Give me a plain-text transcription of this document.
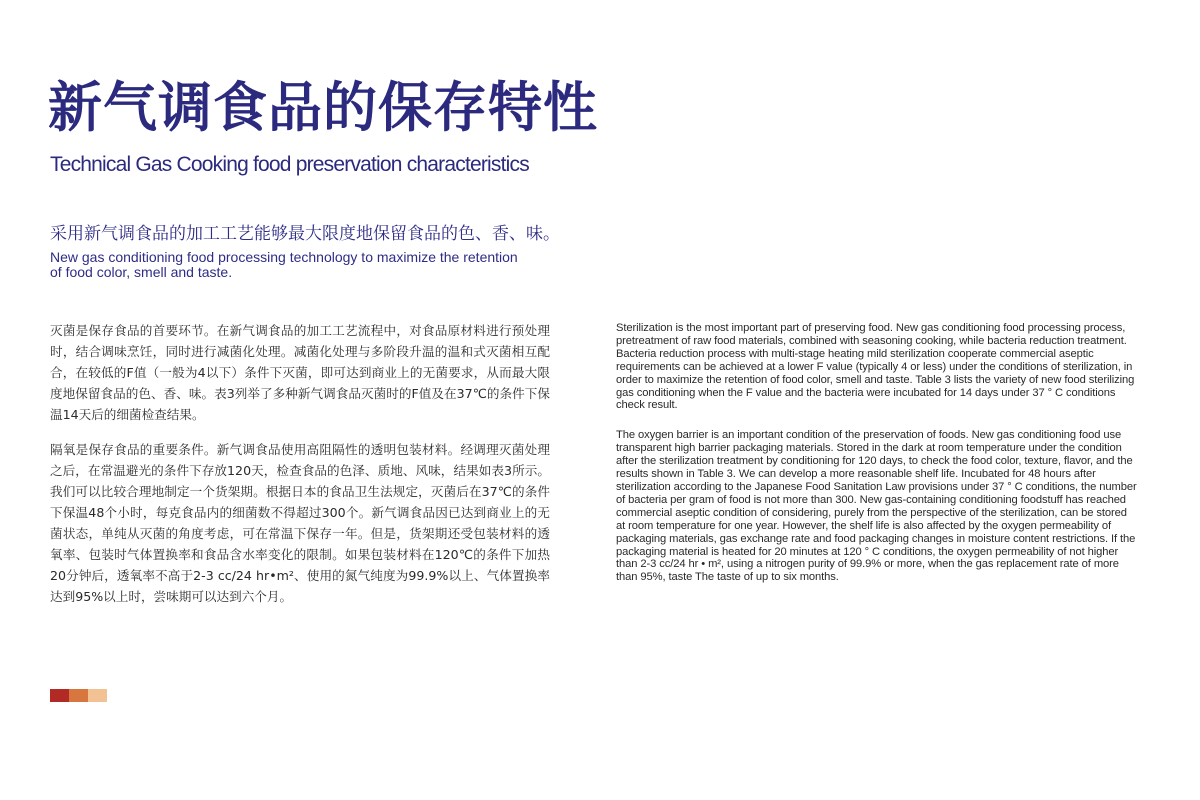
新气调食品的保存特性
Technical Gas Cooking food preservation characteristics
采用新气调食品的加工工艺能够最大限度地保留食品的色、香、味。
New gas conditioning food processing technology to maximize the retention of food color, smell and taste.

灭菌是保存食品的首要环节。在新气调食品的加工工艺流程中，对食品原材料进行预处理时，结合调味烹饪，同时进行减菌化处理。减菌化处理与多阶段升温的温和式灭菌相互配合，在较低的F值（一般为4以下）条件下灭菌，即可达到商业上的无菌要求，从而最大限度地保留食品的色、香、味。表3列举了多种新气调食品灭菌时的F值及在37℃的条件下保温14天后的细菌检查结果。

隔氧是保存食品的重要条件。新气调食品使用高阻隔性的透明包装材料。经调理灭菌处理之后，在常温避光的条件下存放120天，检查食品的色泽、质地、风味，结果如表3所示。我们可以比较合理地制定一个货架期。根据日本的食品卫生法规定，灭菌后在37℃的条件下保温48个小时，每克食品内的细菌数不得超过300个。新气调食品因已达到商业上的无菌状态，单纯从灭菌的角度考虑，可在常温下保存一年。但是，货架期还受包装材料的透氧率、包装时气体置换率和食品含水率变化的限制。如果包装材料在120℃的条件下加热20分钟后，透氧率不高于2-3 cc/24 hr•m²、使用的氮气纯度为99.9%以上、气体置换率达到95%以上时，尝味期可以达到六个月。

Sterilization is the most important part of preserving food. New gas conditioning food processing process, pretreatment of raw food materials, combined with seasoning cooking, while bacteria reduction treatment. Bacteria reduction process with multi-stage heating mild sterilization cooperate commercial aseptic requirements can be achieved at a lower F value (typically 4 or less) under the conditions of sterilization, in order to maximize the retention of food color, smell and taste. Table 3 lists the variety of new food sterilizing gas conditioning when the F value and the bacteria were incubated for 14 days under 37 ° C conditions check result.

The oxygen barrier is an important condition of the preservation of foods. New gas conditioning food use transparent high barrier packaging materials. Stored in the dark at room temperature under the condition after the sterilization treatment by conditioning for 120 days, to check the food color, texture, flavor, and the results shown in Table 3. We can develop a more reasonable shelf life. Incubated for 48 hours after sterilization according to the Japanese Food Sanitation Law provisions under 37 ° C conditions, the number of bacteria per gram of food is not more than 300. New gas-containing conditioning foodstuff has reached commercial aseptic condition of considering, purely from the perspective of the sterilization, can be stored at room temperature for one year. However, the shelf life is also affected by the oxygen permeability of packaging materials, gas exchange rate and food packaging changes in moisture content restrictions. If the packaging material is heated for 20 minutes at 120 ° C conditions, the oxygen permeability of not higher than 2-3 cc/24 hr • m², using a nitrogen purity of 99.9% or more, when the gas replacement rate of more than 95%, taste The taste of up to six months.
